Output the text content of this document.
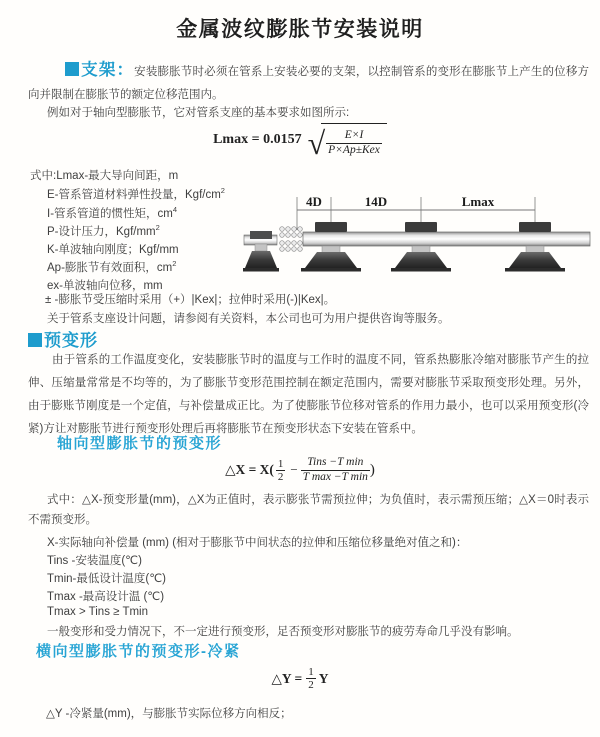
金属波纹膨胀节安装说明
支架：安装膨胀节时必须在管系上安装必要的支架，以控制管系的变形在膨胀节上产生的位移方向并限制在膨胀节的额定位移范围内。
例如对于轴向型膨胀节，它对管系支座的基本要求如图所示:
Lmax = 0.0157 √ $\frac{E\times I}{\text{P×Ap±Kex}}$
式中:Lmax-最大导向间距，m
E-管系管道材料弹性投量，Kgf/$cm^2$
I-管系管道的惯性矩，$cm^4$
P-设计压力，Kgf/$mm^2$
K-单波轴向刚度；Kgf/mm
Ap-膨胀节有效面积，$cm^2$
ex-单波轴向位移，mm
± -膨胀节受压缩时采用（+）|Kex|；拉伸时采用(-)|Kex|。
关于管系支座设计问题，请参阅有关资料，本公司也可为用户提供咨询等服务。
4D	14D	Lmax
预变形
由于管系的工作温度变化，安装膨胀节时的温度与工作时的温度不同，管系热膨胀冷缩对膨胀节产生的拉伸、压缩量常常是不均等的，为了膨胀节变形范围控制在额定范围内，需要对膨胀节采取预变形处理。另外，由于膨账节刚度是一个定值，与补偿量成正比。为了使膨胀节位移对管系的作用力最小，也可以采用预变形(冷紧)方让对膨胀节进行预变形处理后再将膨胀节在预变形状态下安装在管系中。
轴向型膨胀节的预变形
△X = $X( \frac{1}{2} - \frac{\text{Tins −T min}}{\text{T max −T min}}$ )
式中：△X-预变形量(mm)，△X为正值时，表示膨张节需预拉伸；为负值时，表示需预压缩；△X＝0时表示不需预变形。
X-实际轴向补偿量 (mm) (相对于膨胀节中间状态的拉伸和压缩位移量绝对值之和)：
Tins -安装温度(℃)
Tmin-最低设计温度(℃)
Tmax -最高设计温 (℃)
Tmax > Tins ≥ Tmin
一般变形和受力情况下，不一定进行预变形，足否预变形对膨胀节的疲劳寿命几乎没有影响。
横向型膨胀节的预变形-冷紧
△Y = $\frac{1}{2}$ Y
△Y -冷紧量(mm)，与膨胀节实际位移方向相反；
